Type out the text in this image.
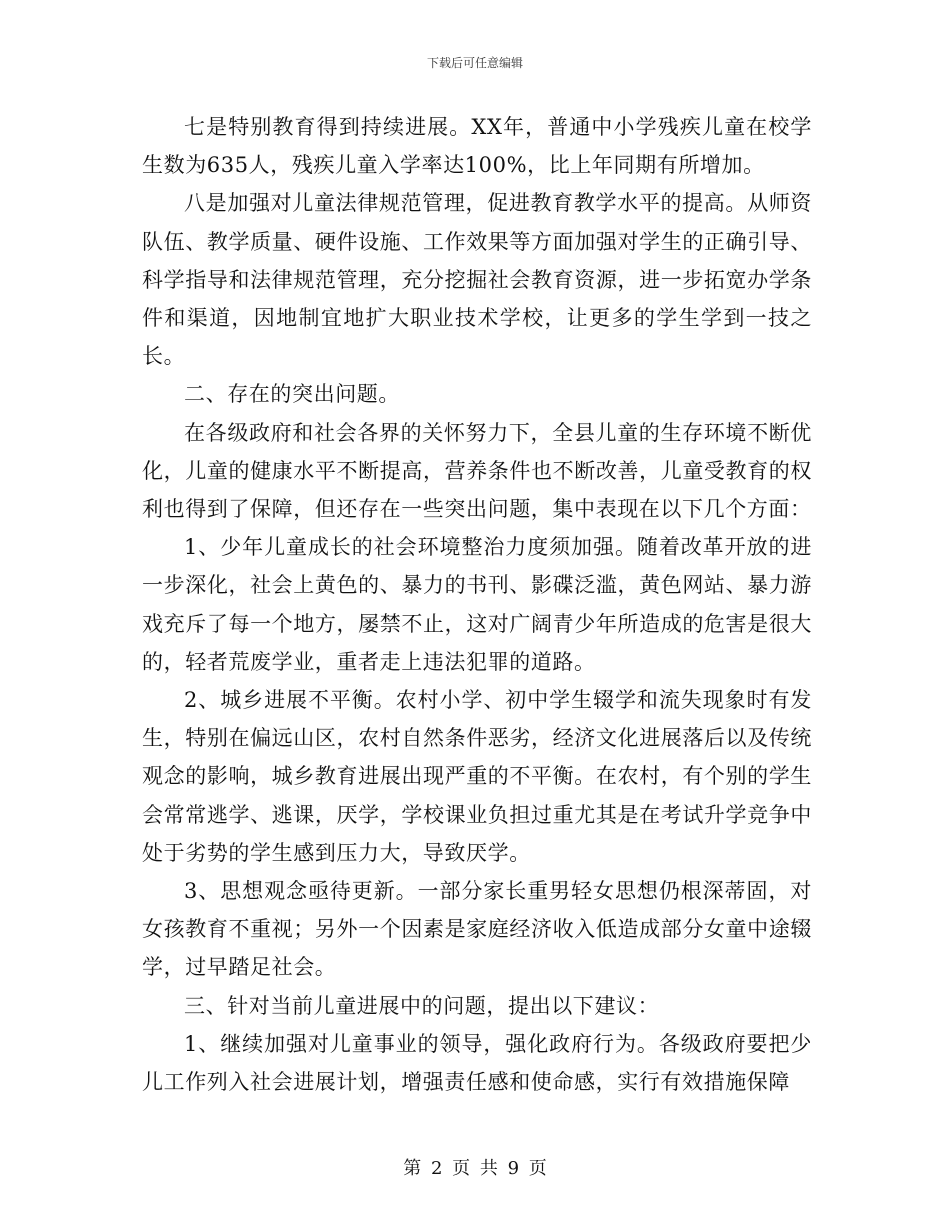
下载后可任意编辑

七是特别教育得到持续进展。XX年，普通中小学残疾儿童在校学生数为635人，残疾儿童入学率达100%，比上年同期有所增加。

八是加强对儿童法律规范管理，促进教育教学水平的提高。从师资队伍、教学质量、硬件设施、工作效果等方面加强对学生的正确引导、科学指导和法律规范管理，充分挖掘社会教育资源，进一步拓宽办学条件和渠道，因地制宜地扩大职业技术学校，让更多的学生学到一技之长。

二、存在的突出问题。

在各级政府和社会各界的关怀努力下，全县儿童的生存环境不断优化，儿童的健康水平不断提高，营养条件也不断改善，儿童受教育的权利也得到了保障，但还存在一些突出问题，集中表现在以下几个方面：

1、少年儿童成长的社会环境整治力度须加强。随着改革开放的进一步深化，社会上黄色的、暴力的书刊、影碟泛滥，黄色网站、暴力游戏充斥了每一个地方，屡禁不止，这对广阔青少年所造成的危害是很大的，轻者荒废学业，重者走上违法犯罪的道路。

2、城乡进展不平衡。农村小学、初中学生辍学和流失现象时有发生，特别在偏远山区，农村自然条件恶劣，经济文化进展落后以及传统观念的影响，城乡教育进展出现严重的不平衡。在农村，有个别的学生会常常逃学、逃课，厌学，学校课业负担过重尤其是在考试升学竞争中处于劣势的学生感到压力大，导致厌学。

3、思想观念亟待更新。一部分家长重男轻女思想仍根深蒂固，对女孩教育不重视；另外一个因素是家庭经济收入低造成部分女童中途辍学，过早踏足社会。

三、针对当前儿童进展中的问题，提出以下建议：

1、继续加强对儿童事业的领导，强化政府行为。各级政府要把少儿工作列入社会进展计划，增强责任感和使命感，实行有效措施保障

第 2 页 共 9 页
